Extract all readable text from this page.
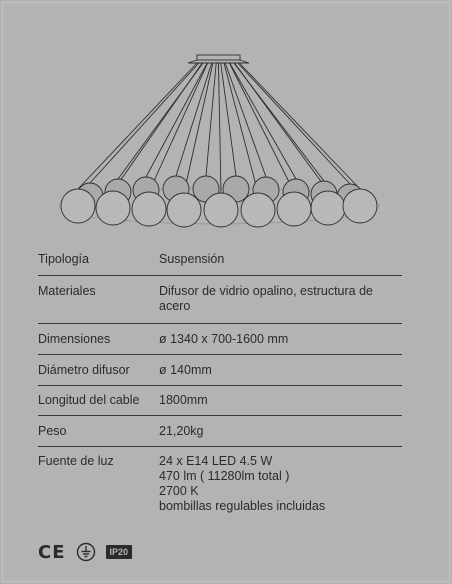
Tipología	Suspensión
Materiales	Difusor de vidrio opalino, estructura de
acero
Dimensiones	ø 1340 x 700-1600 mm
Diámetro difusor	ø 140mm
Longitud del cable	1800mm
Peso	21,20kg
Fuente de luz	24 x E14 LED 4.5 W
470 lm ( 11280lm total )
2700 K
bombillas regulables incluidas
CE	IP20
